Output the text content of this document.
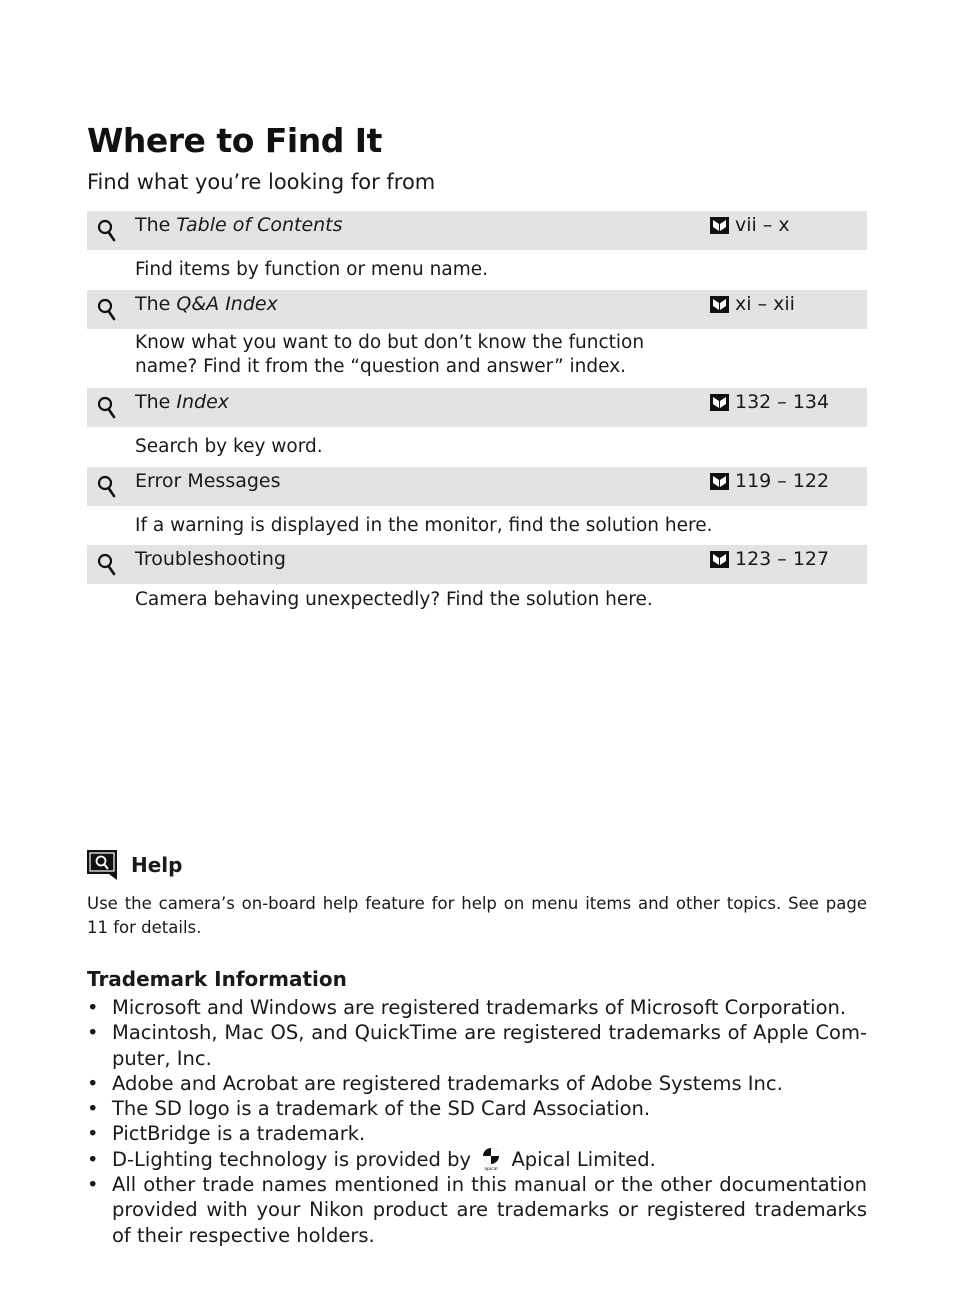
Where to Find It
Find what you’re looking for from
The Table of Contents	vii – x
Find items by function or menu name.
The Q&A Index	xi – xii
Know what you want to do but don’t know the function
name? Find it from the “question and answer” index.
The Index	132 – 134
Search by key word.
Error Messages	119 – 122
If a warning is displayed in the monitor, find the solution here.
Troubleshooting	123 – 127
Camera behaving unexpectedly? Find the solution here.
Help
Use the camera’s on-board help feature for help on menu items and other topics. See page 11 for details.
Trademark Information
• Microsoft and Windows are registered trademarks of Microsoft Corporation.
• Macintosh, Mac OS, and QuickTime are registered trademarks of Apple Com-puter, Inc.
• Adobe and Acrobat are registered trademarks of Adobe Systems Inc.
• The SD logo is a trademark of the SD Card Association.
• PictBridge is a trademark.
• D-Lighting technology is provided by	apical Apical Limited.
• All other trade names mentioned in this manual or the other documentation provided with your Nikon product are trademarks or registered trademarks of their respective holders.
